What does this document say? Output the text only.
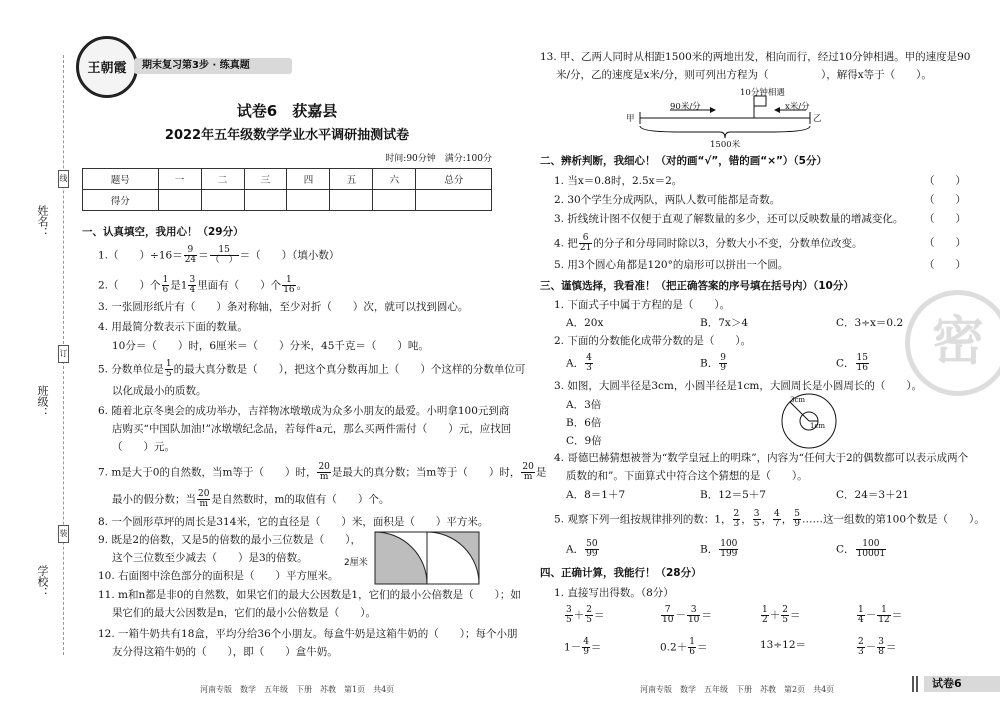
姓名：
班级：
学校：
线
订
装
王朝霞	期末复习第3步 · 练真题
试卷6　获嘉县
2022年五年级数学学业水平调研抽测试卷
时间:90分钟　满分:100分
题号	一	二	三	四	五	六	总分
得分							
一、认真填空，我用心！（29分）
1.（　　）$\div 16= \frac{9}{24} = \frac{15}{( )}$ ＝（　　）（填小数）
2.（　　）个 $\frac{1}{6}$ 是$1 \frac{3}{4}$ 里面有（　　）个 $\frac{1}{16}$ 。
3. 一张圆形纸片有（　　）条对称轴，至少对折（　　）次，就可以找到圆心。
4. 用最简分数表示下面的数量。
10分＝（　　）时，6厘米＝（　　）分米，45千克＝（　　）吨。
5. 分数单位是 $\frac{1}{5}$ 的最大真分数是（　　），把这个真分数再加上（　　）个这样的分数单位可
以化成最小的质数。
6. 随着北京冬奥会的成功举办，吉祥物冰墩墩成为众多小朋友的最爱。小明拿100元到商
店购买“中国队加油!”冰墩墩纪念品，若每件a元，那么买两件需付（　　）元，应找回
（　　）元。
7. m是大于0的自然数，当m等于（　　）时， $\frac{20}{m}$ 是最大的真分数；当m等于（　　）时， $\frac{20}{m}$ 是
最小的假分数；当 $\frac{20}{m}$ 是自然数时，m的取值有（　　）个。
8. 一个圆形草坪的周长是314米，它的直径是（　　）米，面积是（　　）平方米。
9. 既是2的倍数，又是5的倍数的最小三位数是（　　），
这个三位数至少减去（　　）是3的倍数。
10. 右面图中涂色部分的面积是（　　）平方厘米。
11. m和n都是非0的自然数，如果它们的最大公因数是1，它们的最小公倍数是（　　）；如
果它们的最大公因数是n，它们的最小公倍数是（　　）。
12. 一箱牛奶共有18盒，平均分给36个小朋友。每盒牛奶是这箱牛奶的（　　）；每个小朋
友分得这箱牛奶的（　　），即（　　）盒牛奶。
2厘米
河南专版　数学　五年级　下册　苏教　第1页　共4页
13. 甲、乙两人同时从相距1500米的两地出发，相向而行，经过10分钟相遇。甲的速度是90
米/分，乙的速度是x米/分，则可列出方程为（　　　　　），解得x等于（　　）。
10分钟相遇
90米/分	x米/分
甲	乙
1500米
二、辨析判断，我细心！（对的画“√”，错的画“×”）（5分）
1. 当x＝0.8时，2.5x＝2。	（　　）
2. 30个学生分成两队，两队人数可能都是奇数。	（　　）
3. 折线统计图不仅便于直观了解数量的多少，还可以反映数量的增减变化。 （　　）
4. 把 $\frac{6}{21}$ 的分子和分母同时除以3，分数大小不变，分数单位改变。	（　　）
5. 用3个圆心角都是120°的扇形可以拼出一个圆。	（　　）
三、谨慎选择，我看准！（把正确答案的序号填在括号内）（10分）
1. 下面式子中属于方程的是（　　）。
A．20x	B．7x＞4	C．3÷x＝0.2
2. 下面的分数能化成带分数的是（　　）。
A． $\frac{4}{3}$	B． $\frac{9}{9}$	C． $\frac{15}{16}$
3. 如图，大圆半径是3cm，小圆半径是1cm，大圆周长是小圆周长的（　　）。
A．3倍
B．6倍
C．9倍
3cm
1cm
4. 哥德巴赫猜想被誉为“数学皇冠上的明珠”，内容为“任何大于2的偶数都可以表示成两个
质数的和”。下面算式中符合这个猜想的是（　　）。
A．8＝1＋7	B．12＝5＋7	C．24＝3＋21
5. 观察下列一组按规律排列的数：1， $\frac{2}{3}$ ， $\frac{3}{5}$ ， $\frac{4}{7}$ ， $\frac{5}{9}$ ……这一组数的第100个数是（　　）。
A． $\frac{50}{99}$	B． $\frac{100}{199}$	C． $\frac{100}{10001}$
四、正确计算，我能行！（28分）
1. 直接写出得数。（8分）
$\frac{3}{5} + \frac{2}{5}$ ＝	$\frac{7}{10} - \frac{3}{10}$ ＝	$\frac{1}{2} + \frac{2}{5}$ ＝	$\frac{1}{4} - \frac{1}{12}$ ＝
$1- \frac{4}{9}$ ＝	$0.2+ \frac{1}{6}$ ＝	13÷12＝	$\frac{2}{3} - \frac{3}{8}$ ＝
河南专版　数学　五年级　下册　苏教　第2页　共4页	试卷6
密
